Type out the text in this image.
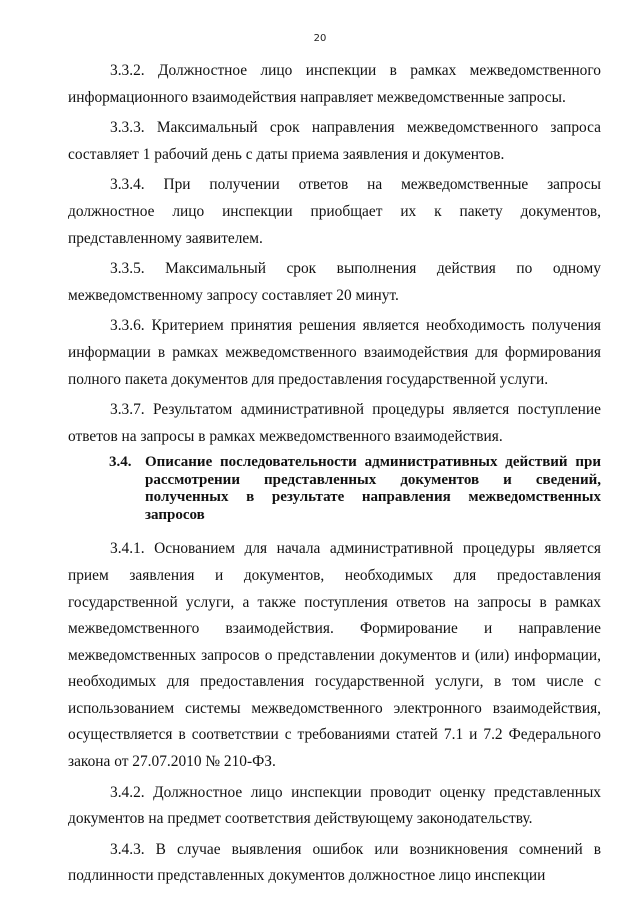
20

3.3.2. Должностное лицо инспекции в рамках межведомственного информационного взаимодействия направляет межведомственные запросы.

3.3.3. Максимальный срок направления межведомственного запроса составляет 1 рабочий день с даты приема заявления и документов.

3.3.4. При получении ответов на межведомственные запросы должностное лицо инспекции приобщает их к пакету документов, представленному заявителем.

3.3.5. Максимальный срок выполнения действия по одному межведомственному запросу составляет 20 минут.

3.3.6. Критерием принятия решения является необходимость получения информации в рамках межведомственного взаимодействия для формирования полного пакета документов для предоставления государственной услуги.

3.3.7. Результатом административной процедуры является поступление ответов на запросы в рамках межведомственного взаимодействия.

3.4. Описание последовательности административных действий при рассмотрении представленных документов и сведений, полученных в результате направления межведомственных запросов

3.4.1. Основанием для начала административной процедуры является прием заявления и документов, необходимых для предоставления государственной услуги, а также поступления ответов на запросы в рамках межведомственного взаимодействия. Формирование и направление межведомственных запросов о представлении документов и (или) информации, необходимых для предоставления государственной услуги, в том числе с использованием системы межведомственного электронного взаимодействия, осуществляется в соответствии с требованиями статей 7.1 и 7.2 Федерального закона от 27.07.2010 № 210-ФЗ.

3.4.2. Должностное лицо инспекции проводит оценку представленных документов на предмет соответствия действующему законодательству.

3.4.3. В случае выявления ошибок или возникновения сомнений в подлинности представленных документов должностное лицо инспекции
